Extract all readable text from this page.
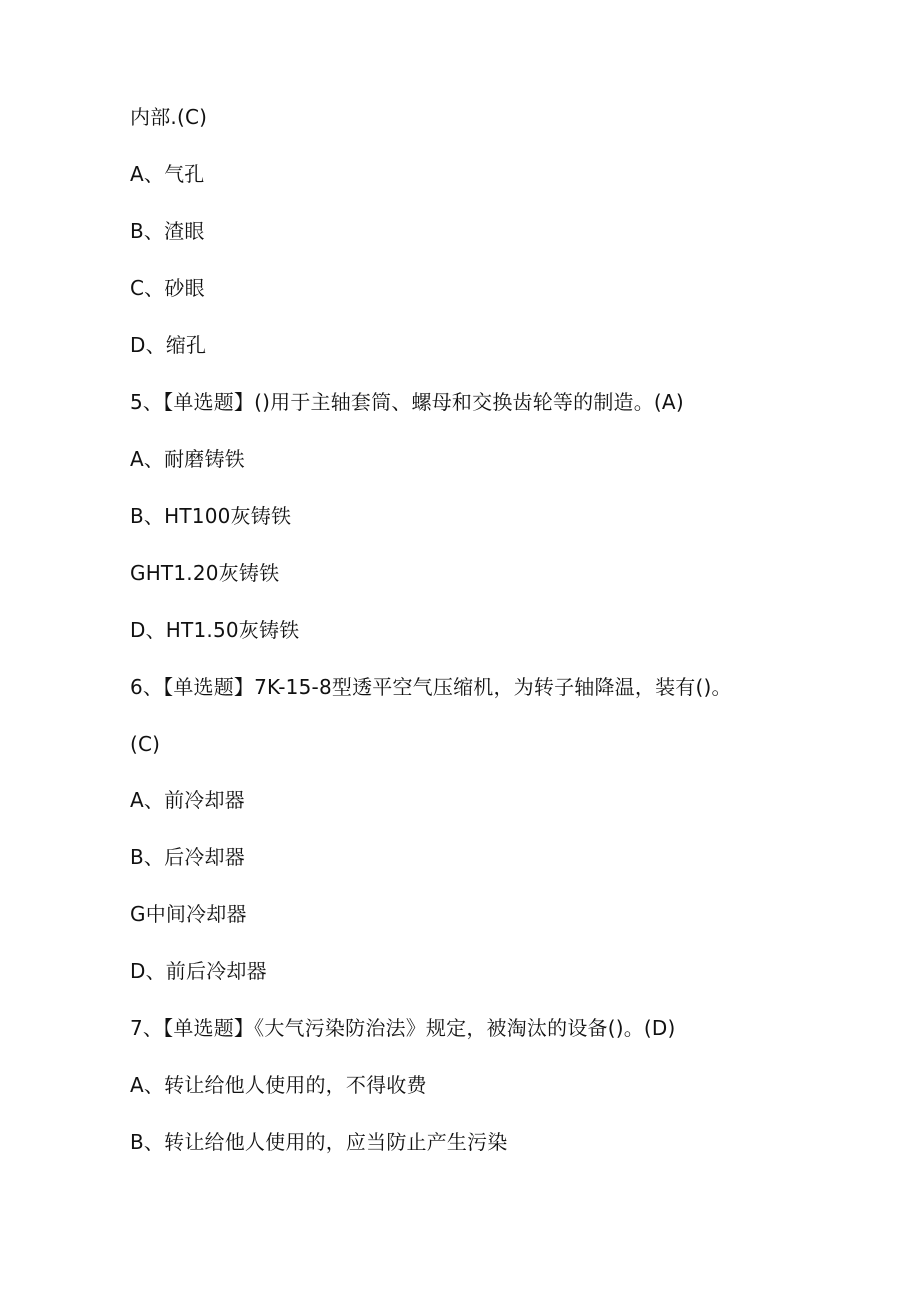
内部.(C)
A、气孔
B、渣眼
C、砂眼
D、缩孔
5、【单选题】()用于主轴套筒、螺母和交换齿轮等的制造。(A)
A、耐磨铸铁
B、HT100灰铸铁
GHT1.20灰铸铁
D、HT1.50灰铸铁
6、【单选题】7K-15-8型透平空气压缩机，为转子轴降温，装有()。
(C)
A、前冷却器
B、后冷却器
G中间冷却器
D、前后冷却器
7、【单选题】《大气污染防治法》规定，被淘汰的设备()。(D)
A、转让给他人使用的，不得收费
B、转让给他人使用的，应当防止产生污染
